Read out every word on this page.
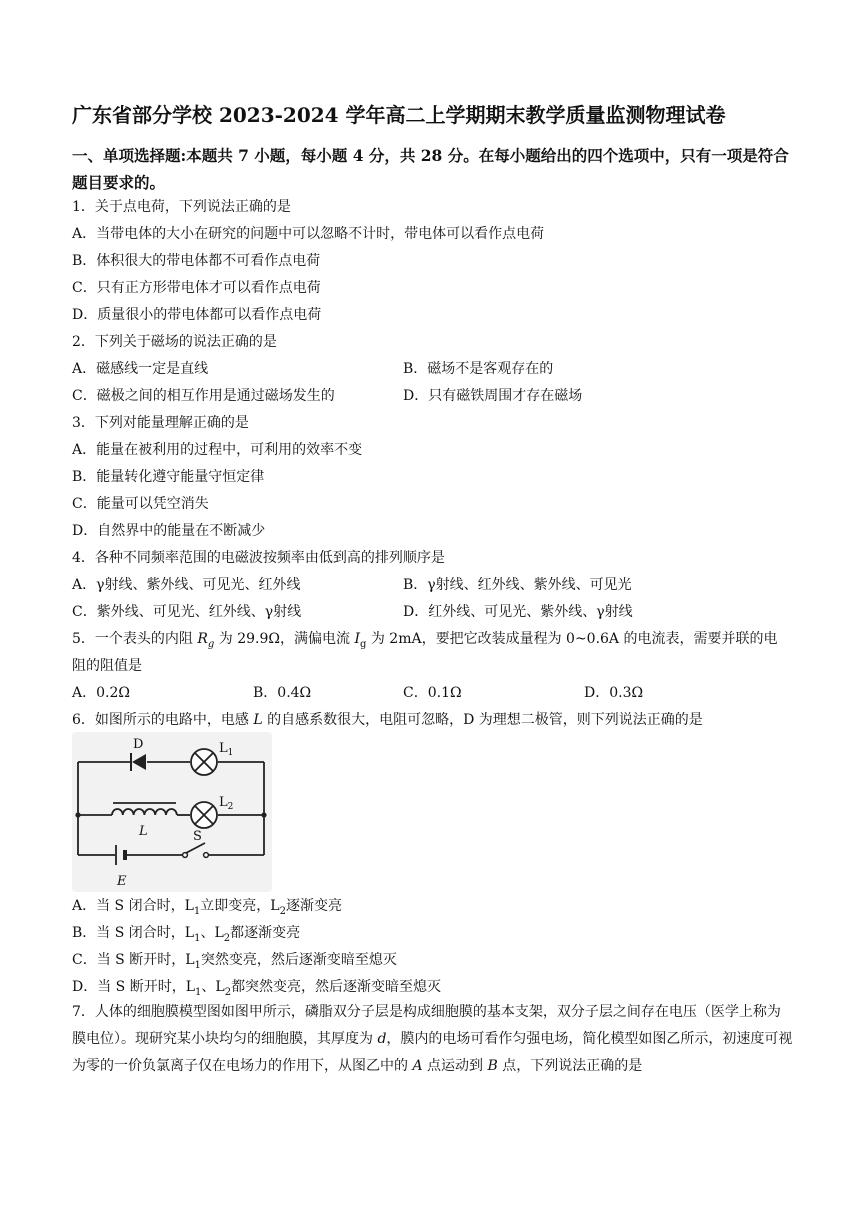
广东省部分学校 2023-2024 学年高二上学期期末教学质量监测物理试卷
一、单项选择题:本题共 7 小题，每小题 4 分，共 28 分。在每小题给出的四个选项中，只有一项是符合题目要求的。
1．关于点电荷，下列说法正确的是
A．当带电体的大小在研究的问题中可以忽略不计时，带电体可以看作点电荷
B．体积很大的带电体都不可看作点电荷
C．只有正方形带电体才可以看作点电荷
D．质量很小的带电体都可以看作点电荷
2．下列关于磁场的说法正确的是
A．磁感线一定是直线	B．磁场不是客观存在的
C．磁极之间的相互作用是通过磁场发生的	D．只有磁铁周围才存在磁场
3．下列对能量理解正确的是
A．能量在被利用的过程中，可利用的效率不变
B．能量转化遵守能量守恒定律
C．能量可以凭空消失
D．自然界中的能量在不断减少
4．各种不同频率范围的电磁波按频率由低到高的排列顺序是
A．γ射线、紫外线、可见光、红外线	B．γ射线、红外线、紫外线、可见光
C．紫外线、可见光、红外线、γ射线	D．红外线、可见光、紫外线、γ射线
5．一个表头的内阻 $R_g$ 为 29.9Ω，满偏电流 $I_g$ 为 2mA，要把它改装成量程为 0~0.6A 的电流表，需要并联的电
阻的阻值是
A．0.2Ω	B．0.4Ω	C．0.1Ω	D．0.3Ω
6．如图所示的电路中，电感 L 的自感系数很大，电阻可忽略，D 为理想二极管，则下列说法正确的是
D	$L_1$
$L_2$
L	S
E
A．当 S 闭合时，$L_1$立即变亮，$L_2$逐渐变亮
B．当 S 闭合时，$L_1$、$L_2$都逐渐变亮
C．当 S 断开时，$L_1$突然变亮，然后逐渐变暗至熄灭
D．当 S 断开时，$L_1$、$L_2$都突然变亮，然后逐渐变暗至熄灭
7．人体的细胞膜模型图如图甲所示，磷脂双分子层是构成细胞膜的基本支架，双分子层之间存在电压（医学上称为膜电位）。现研究某小块均匀的细胞膜，其厚度为 d，膜内的电场可看作匀强电场，简化模型如图乙所示，初速度可视为零的一价负氯离子仅在电场力的作用下，从图乙中的 A 点运动到 B 点，下列说法正确的是
